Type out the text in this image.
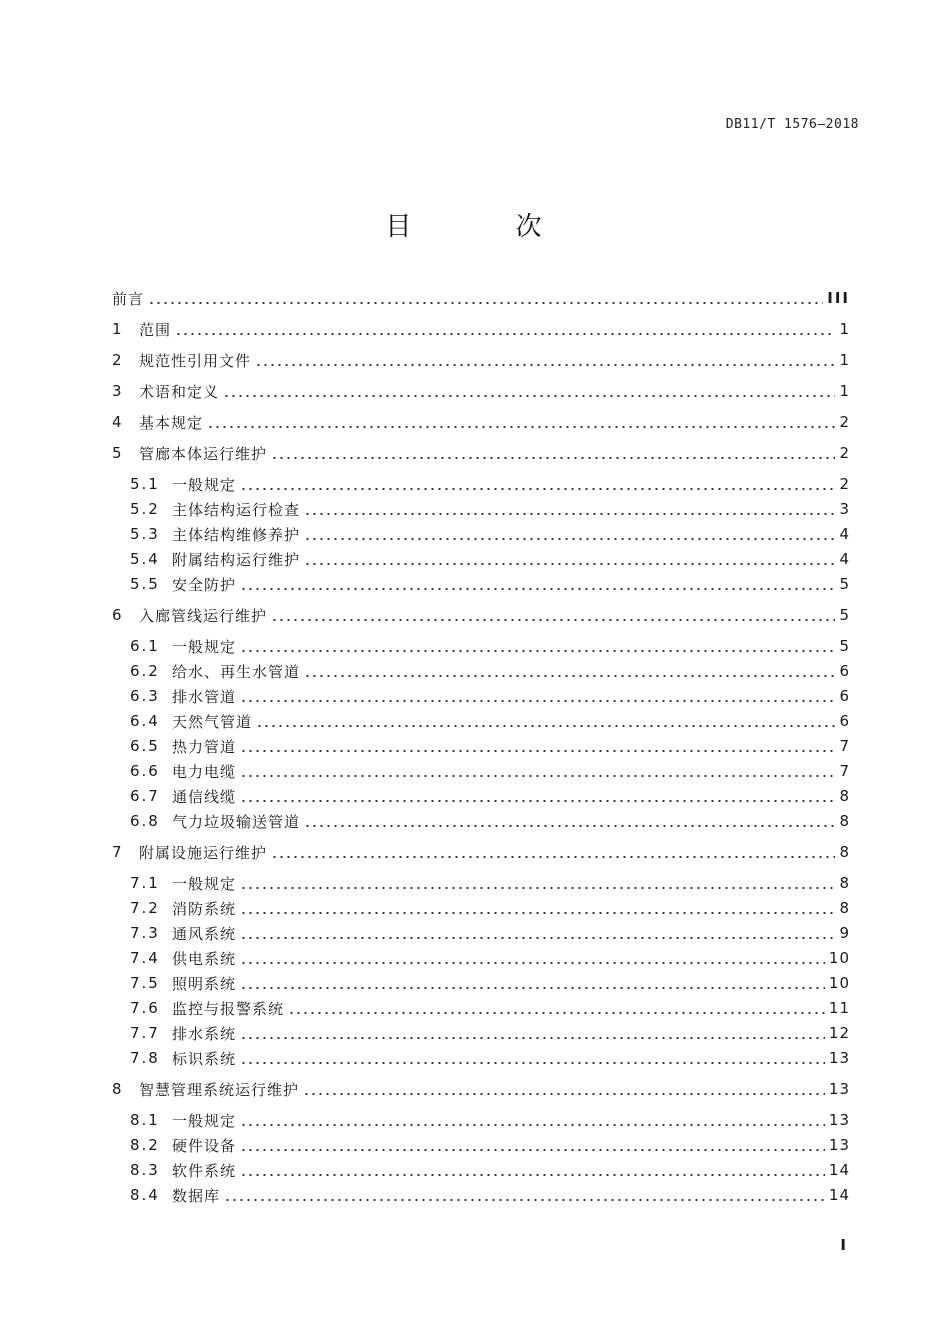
DB11/T 1576—2018
目 次
前言	III
1	范围	1
2	规范性引用文件	1
3	术语和定义	1
4	基本规定	2
5	管廊本体运行维护	2
5.1 一般规定	2
5.2 主体结构运行检查	3
5.3 主体结构维修养护	4
5.4 附属结构运行维护	4
5.5 安全防护	5
6	入廊管线运行维护	5
6.1 一般规定	5
6.2 给水、再生水管道	6
6.3 排水管道	6
6.4 天然气管道	6
6.5 热力管道	7
6.6 电力电缆	7
6.7 通信线缆	8
6.8 气力垃圾输送管道	8
7	附属设施运行维护	8
7.1 一般规定	8
7.2 消防系统	8
7.3 通风系统	9
7.4 供电系统	10
7.5 照明系统	10
7.6 监控与报警系统	11
7.7 排水系统	12
7.8 标识系统	13
8	智慧管理系统运行维护	13
8.1 一般规定	13
8.2 硬件设备	13
8.3 软件系统	14
8.4 数据库	14
I
